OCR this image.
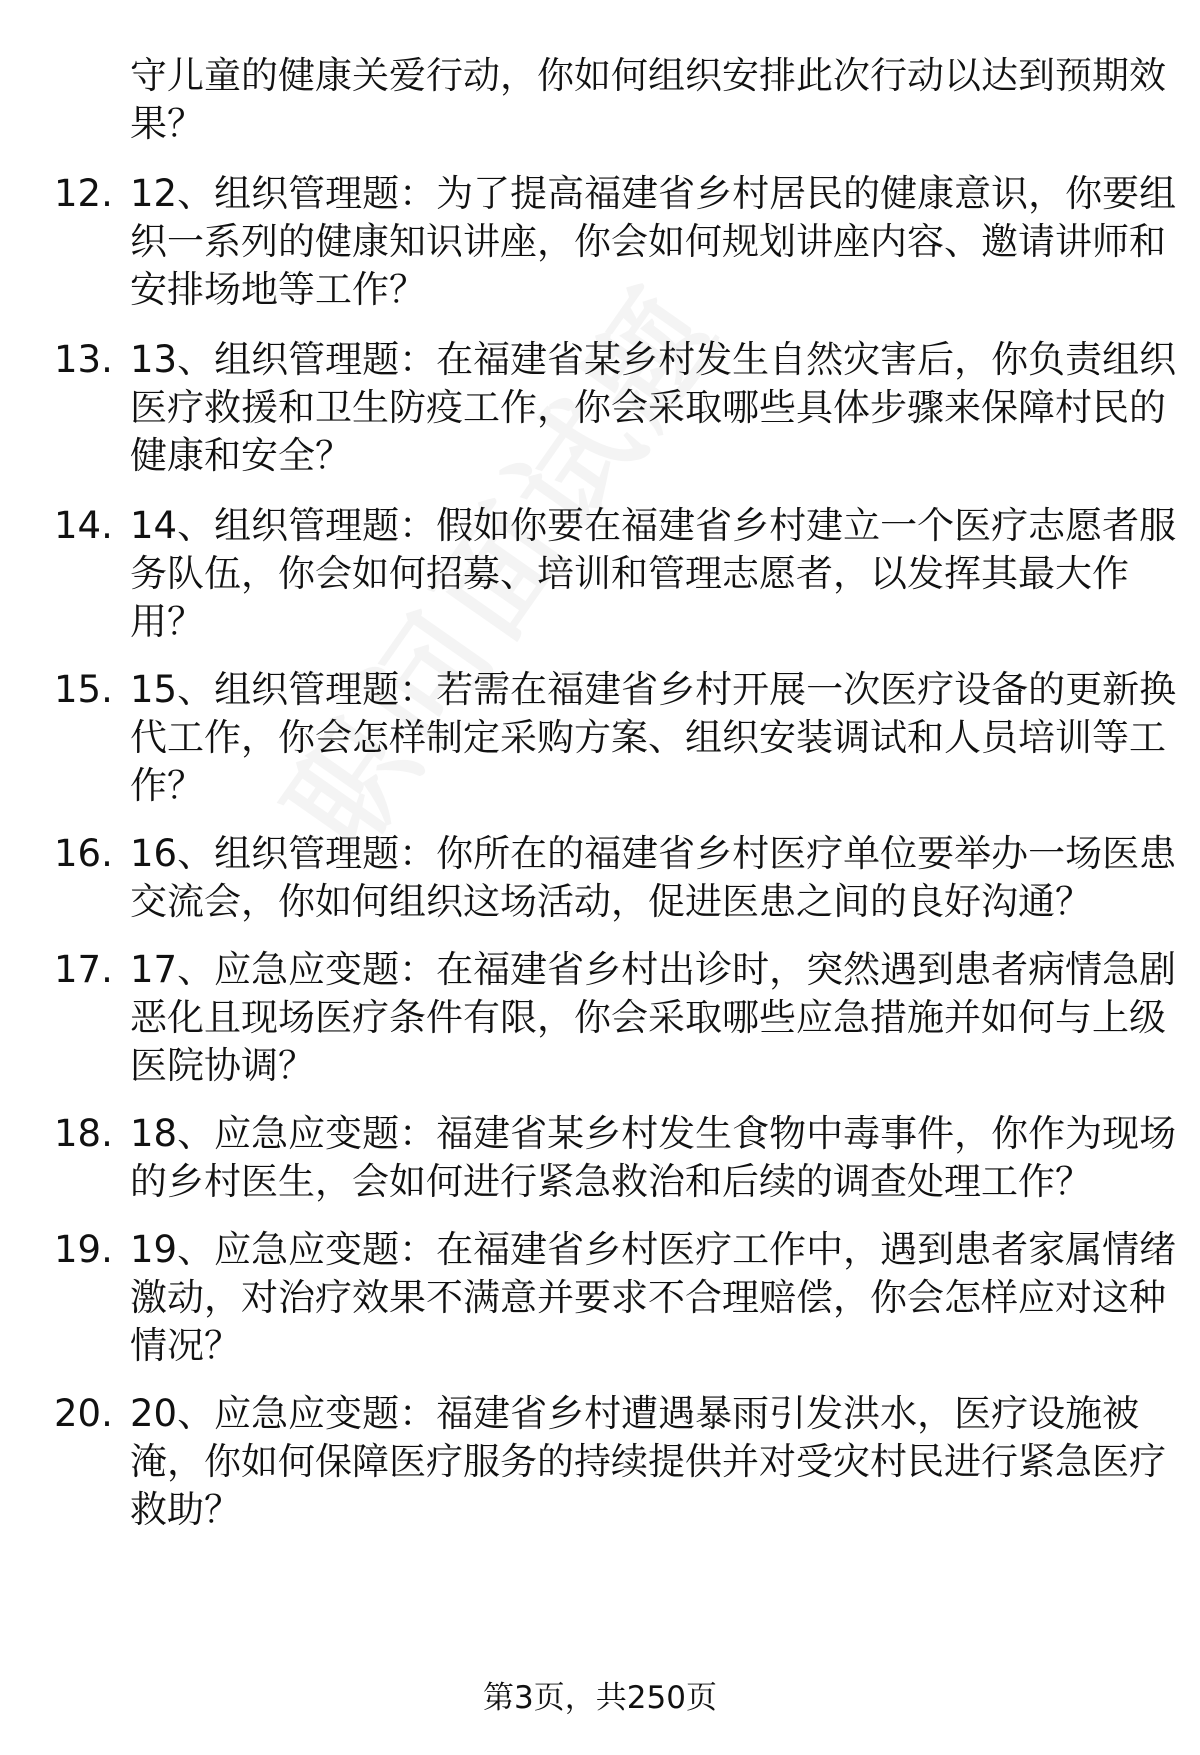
守儿童的健康关爱行动，你如何组织安排此次行动以达到预期效
果？
12. 12、组织管理题：为了提高福建省乡村居民的健康意识，你要组
织一系列的健康知识讲座，你会如何规划讲座内容、邀请讲师和
安排场地等工作？
13. 13、组织管理题：在福建省某乡村发生自然灾害后，你负责组织
医疗救援和卫生防疫工作，你会采取哪些具体步骤来保障村民的
健康和安全？
14. 14、组织管理题：假如你要在福建省乡村建立一个医疗志愿者服
务队伍，你会如何招募、培训和管理志愿者，以发挥其最大作
用？
15. 15、组织管理题：若需在福建省乡村开展一次医疗设备的更新换
代工作，你会怎样制定采购方案、组织安装调试和人员培训等工
作？
16. 16、组织管理题：你所在的福建省乡村医疗单位要举办一场医患
交流会，你如何组织这场活动，促进医患之间的良好沟通？
17. 17、应急应变题：在福建省乡村出诊时，突然遇到患者病情急剧
恶化且现场医疗条件有限，你会采取哪些应急措施并如何与上级
医院协调？
18. 18、应急应变题：福建省某乡村发生食物中毒事件，你作为现场
的乡村医生，会如何进行紧急救治和后续的调查处理工作？
19. 19、应急应变题：在福建省乡村医疗工作中，遇到患者家属情绪
激动，对治疗效果不满意并要求不合理赔偿，你会怎样应对这种
情况？
20. 20、应急应变题：福建省乡村遭遇暴雨引发洪水，医疗设施被
淹，你如何保障医疗服务的持续提供并对受灾村民进行紧急医疗
救助？
第3页，共250页
